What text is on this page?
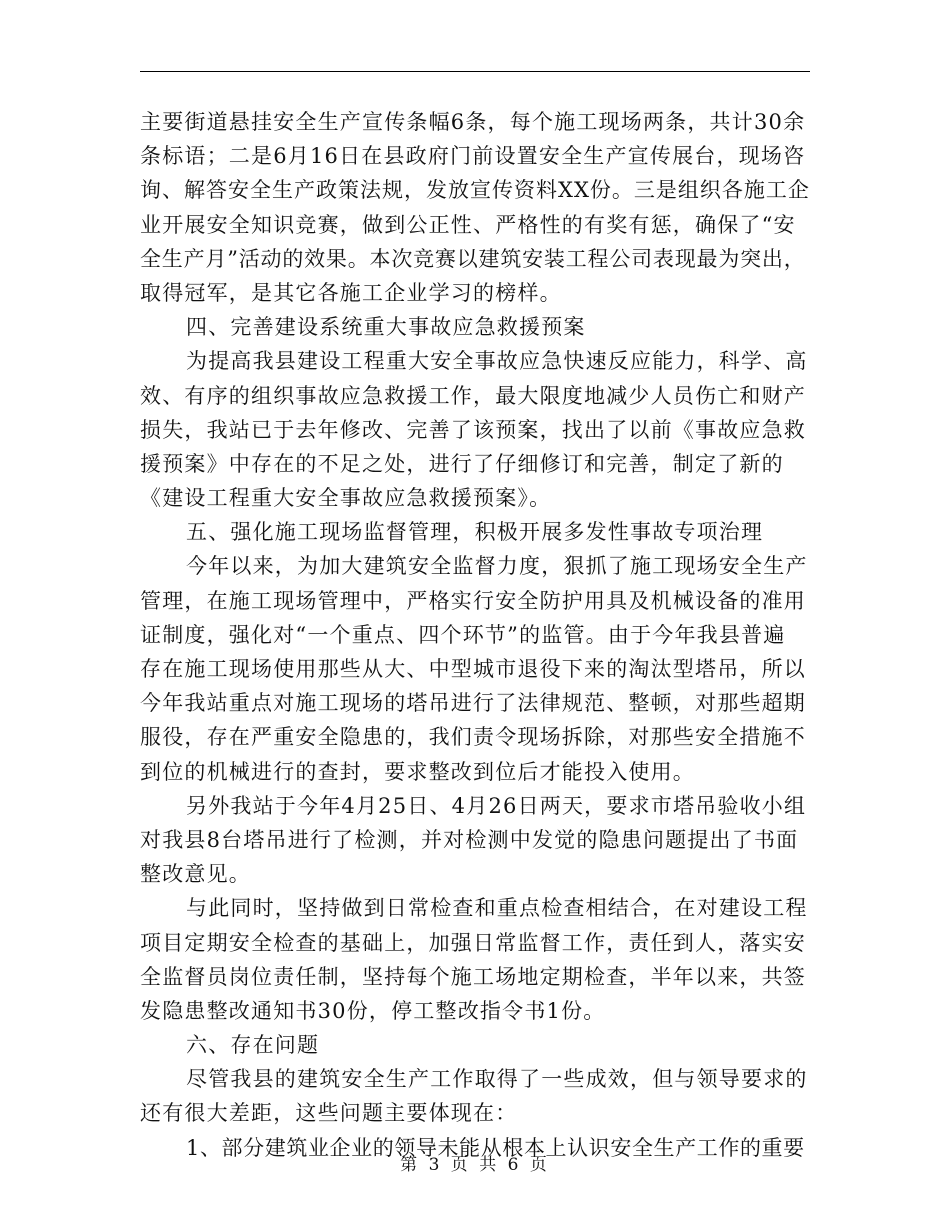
主要街道悬挂安全生产宣传条幅6条，每个施工现场两条，共计30余
条标语；二是6月16日在县政府门前设置安全生产宣传展台，现场咨
询、解答安全生产政策法规，发放宣传资料XX份。三是组织各施工企
业开展安全知识竞赛，做到公正性、严格性的有奖有惩，确保了“安
全生产月”活动的效果。本次竞赛以建筑安装工程公司表现最为突出，
取得冠军，是其它各施工企业学习的榜样。
四、完善建设系统重大事故应急救援预案
为提高我县建设工程重大安全事故应急快速反应能力，科学、高
效、有序的组织事故应急救援工作，最大限度地减少人员伤亡和财产
损失，我站已于去年修改、完善了该预案，找出了以前《事故应急救
援预案》中存在的不足之处，进行了仔细修订和完善，制定了新的
《建设工程重大安全事故应急救援预案》。
五、强化施工现场监督管理，积极开展多发性事故专项治理
今年以来，为加大建筑安全监督力度，狠抓了施工现场安全生产
管理，在施工现场管理中，严格实行安全防护用具及机械设备的准用
证制度，强化对“一个重点、四个环节”的监管。由于今年我县普遍
存在施工现场使用那些从大、中型城市退役下来的淘汰型塔吊，所以
今年我站重点对施工现场的塔吊进行了法律规范、整顿，对那些超期
服役，存在严重安全隐患的，我们责令现场拆除，对那些安全措施不
到位的机械进行的查封，要求整改到位后才能投入使用。
另外我站于今年4月25日、4月26日两天，要求市塔吊验收小组
对我县8台塔吊进行了检测，并对检测中发觉的隐患问题提出了书面
整改意见。
与此同时，坚持做到日常检查和重点检查相结合，在对建设工程
项目定期安全检查的基础上，加强日常监督工作，责任到人，落实安
全监督员岗位责任制，坚持每个施工场地定期检查，半年以来，共签
发隐患整改通知书30份，停工整改指令书1份。
六、存在问题
尽管我县的建筑安全生产工作取得了一些成效，但与领导要求的
还有很大差距，这些问题主要体现在：
1、部分建筑业企业的领导未能从根本上认识安全生产工作的重要
第 3 页 共 6 页
